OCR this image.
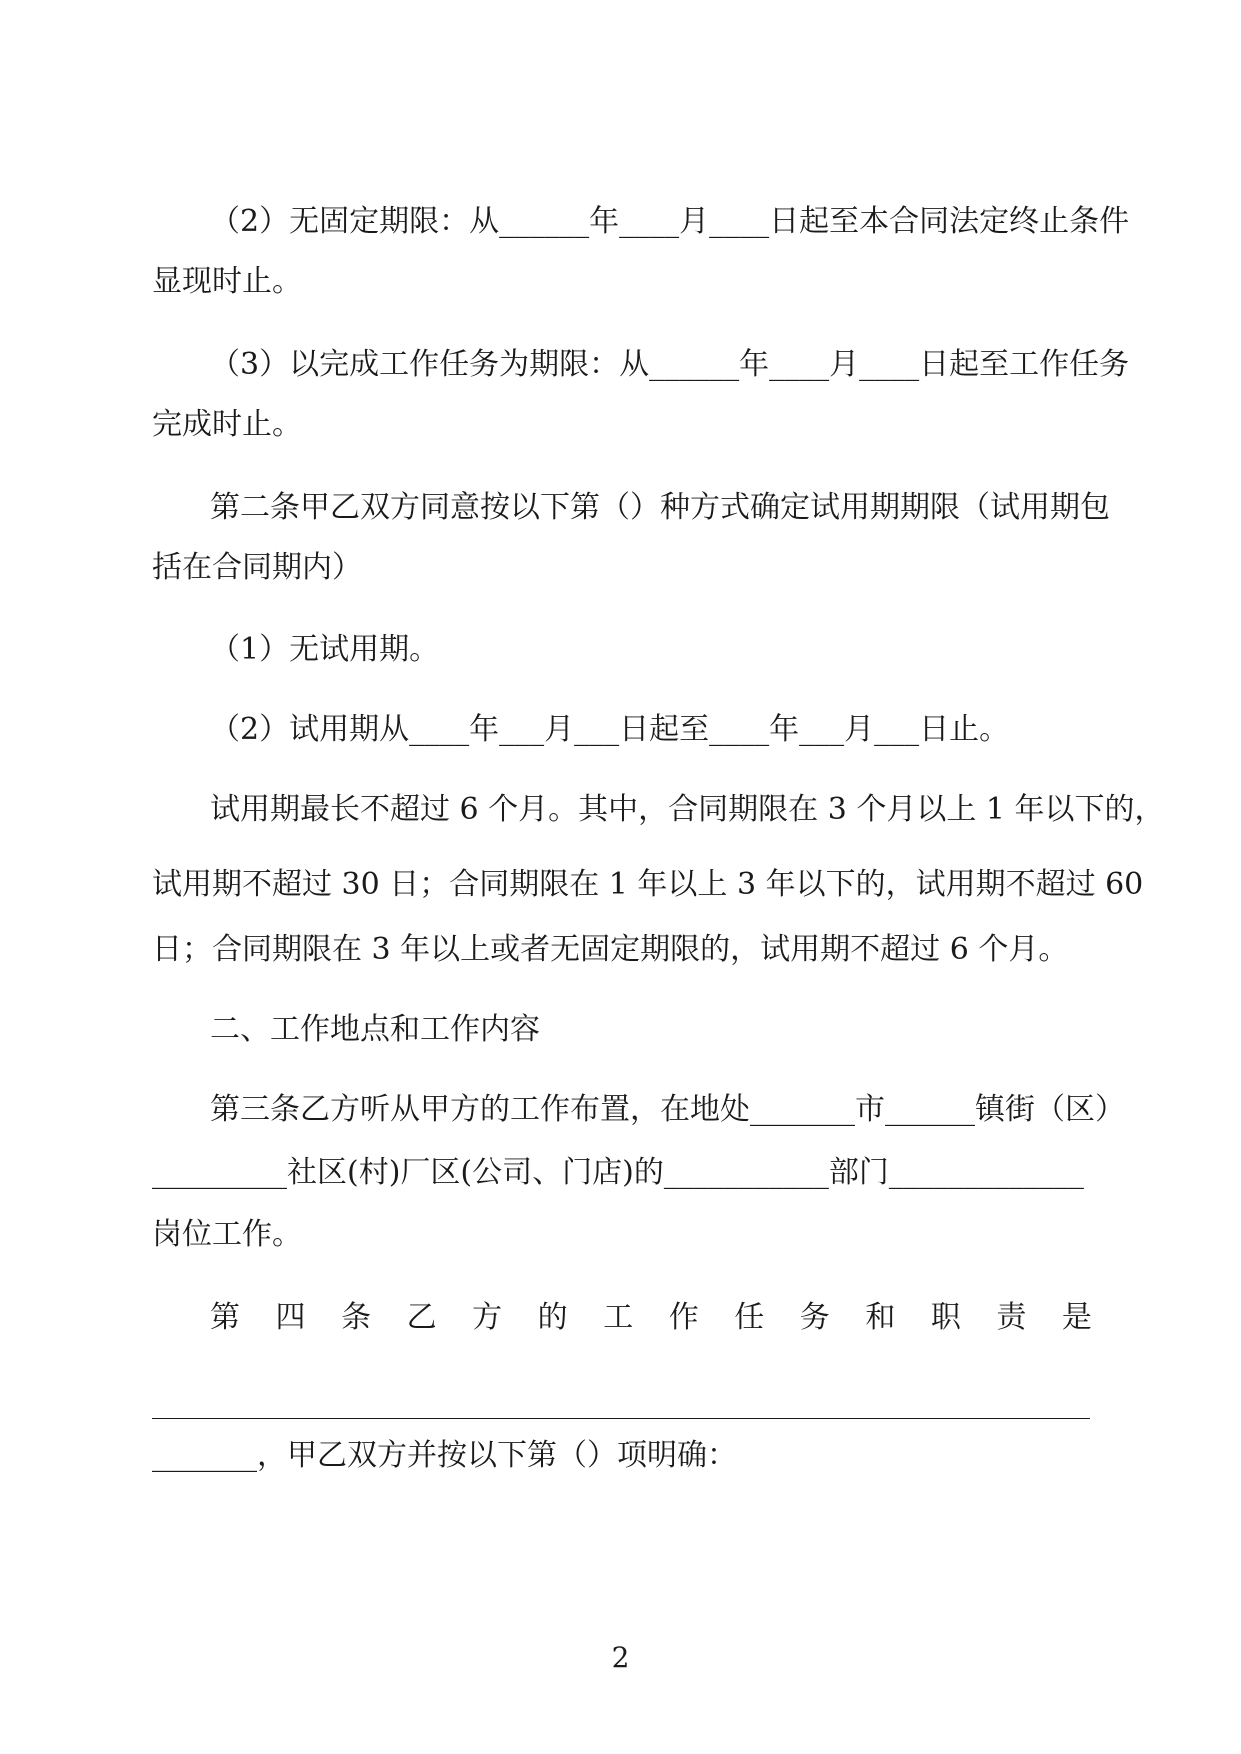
（2）无固定期限：从______年____月____日起至本合同法定终止条件
显现时止。
（3）以完成工作任务为期限：从______年____月____日起至工作任务
完成时止。
第二条甲乙双方同意按以下第（）种方式确定试用期期限（试用期包
括在合同期内）
（1）无试用期。
（2）试用期从____年___月___日起至____年___月___日止。
试用期最长不超过 6 个月。其中，合同期限在 3 个月以上 1 年以下的，
试用期不超过 30 日；合同期限在 1 年以上 3 年以下的，试用期不超过 60
日；合同期限在 3 年以上或者无固定期限的，试用期不超过 6 个月。
二、工作地点和工作内容
第三条乙方听从甲方的工作布置，在地处_______市______镇街（区）
_________社区(村)厂区(公司、门店)的___________部门_____________
岗位工作。
第 四 条 乙 方 的 工 作 任 务 和 职 责 是
_______，甲乙双方并按以下第（）项明确：
2
